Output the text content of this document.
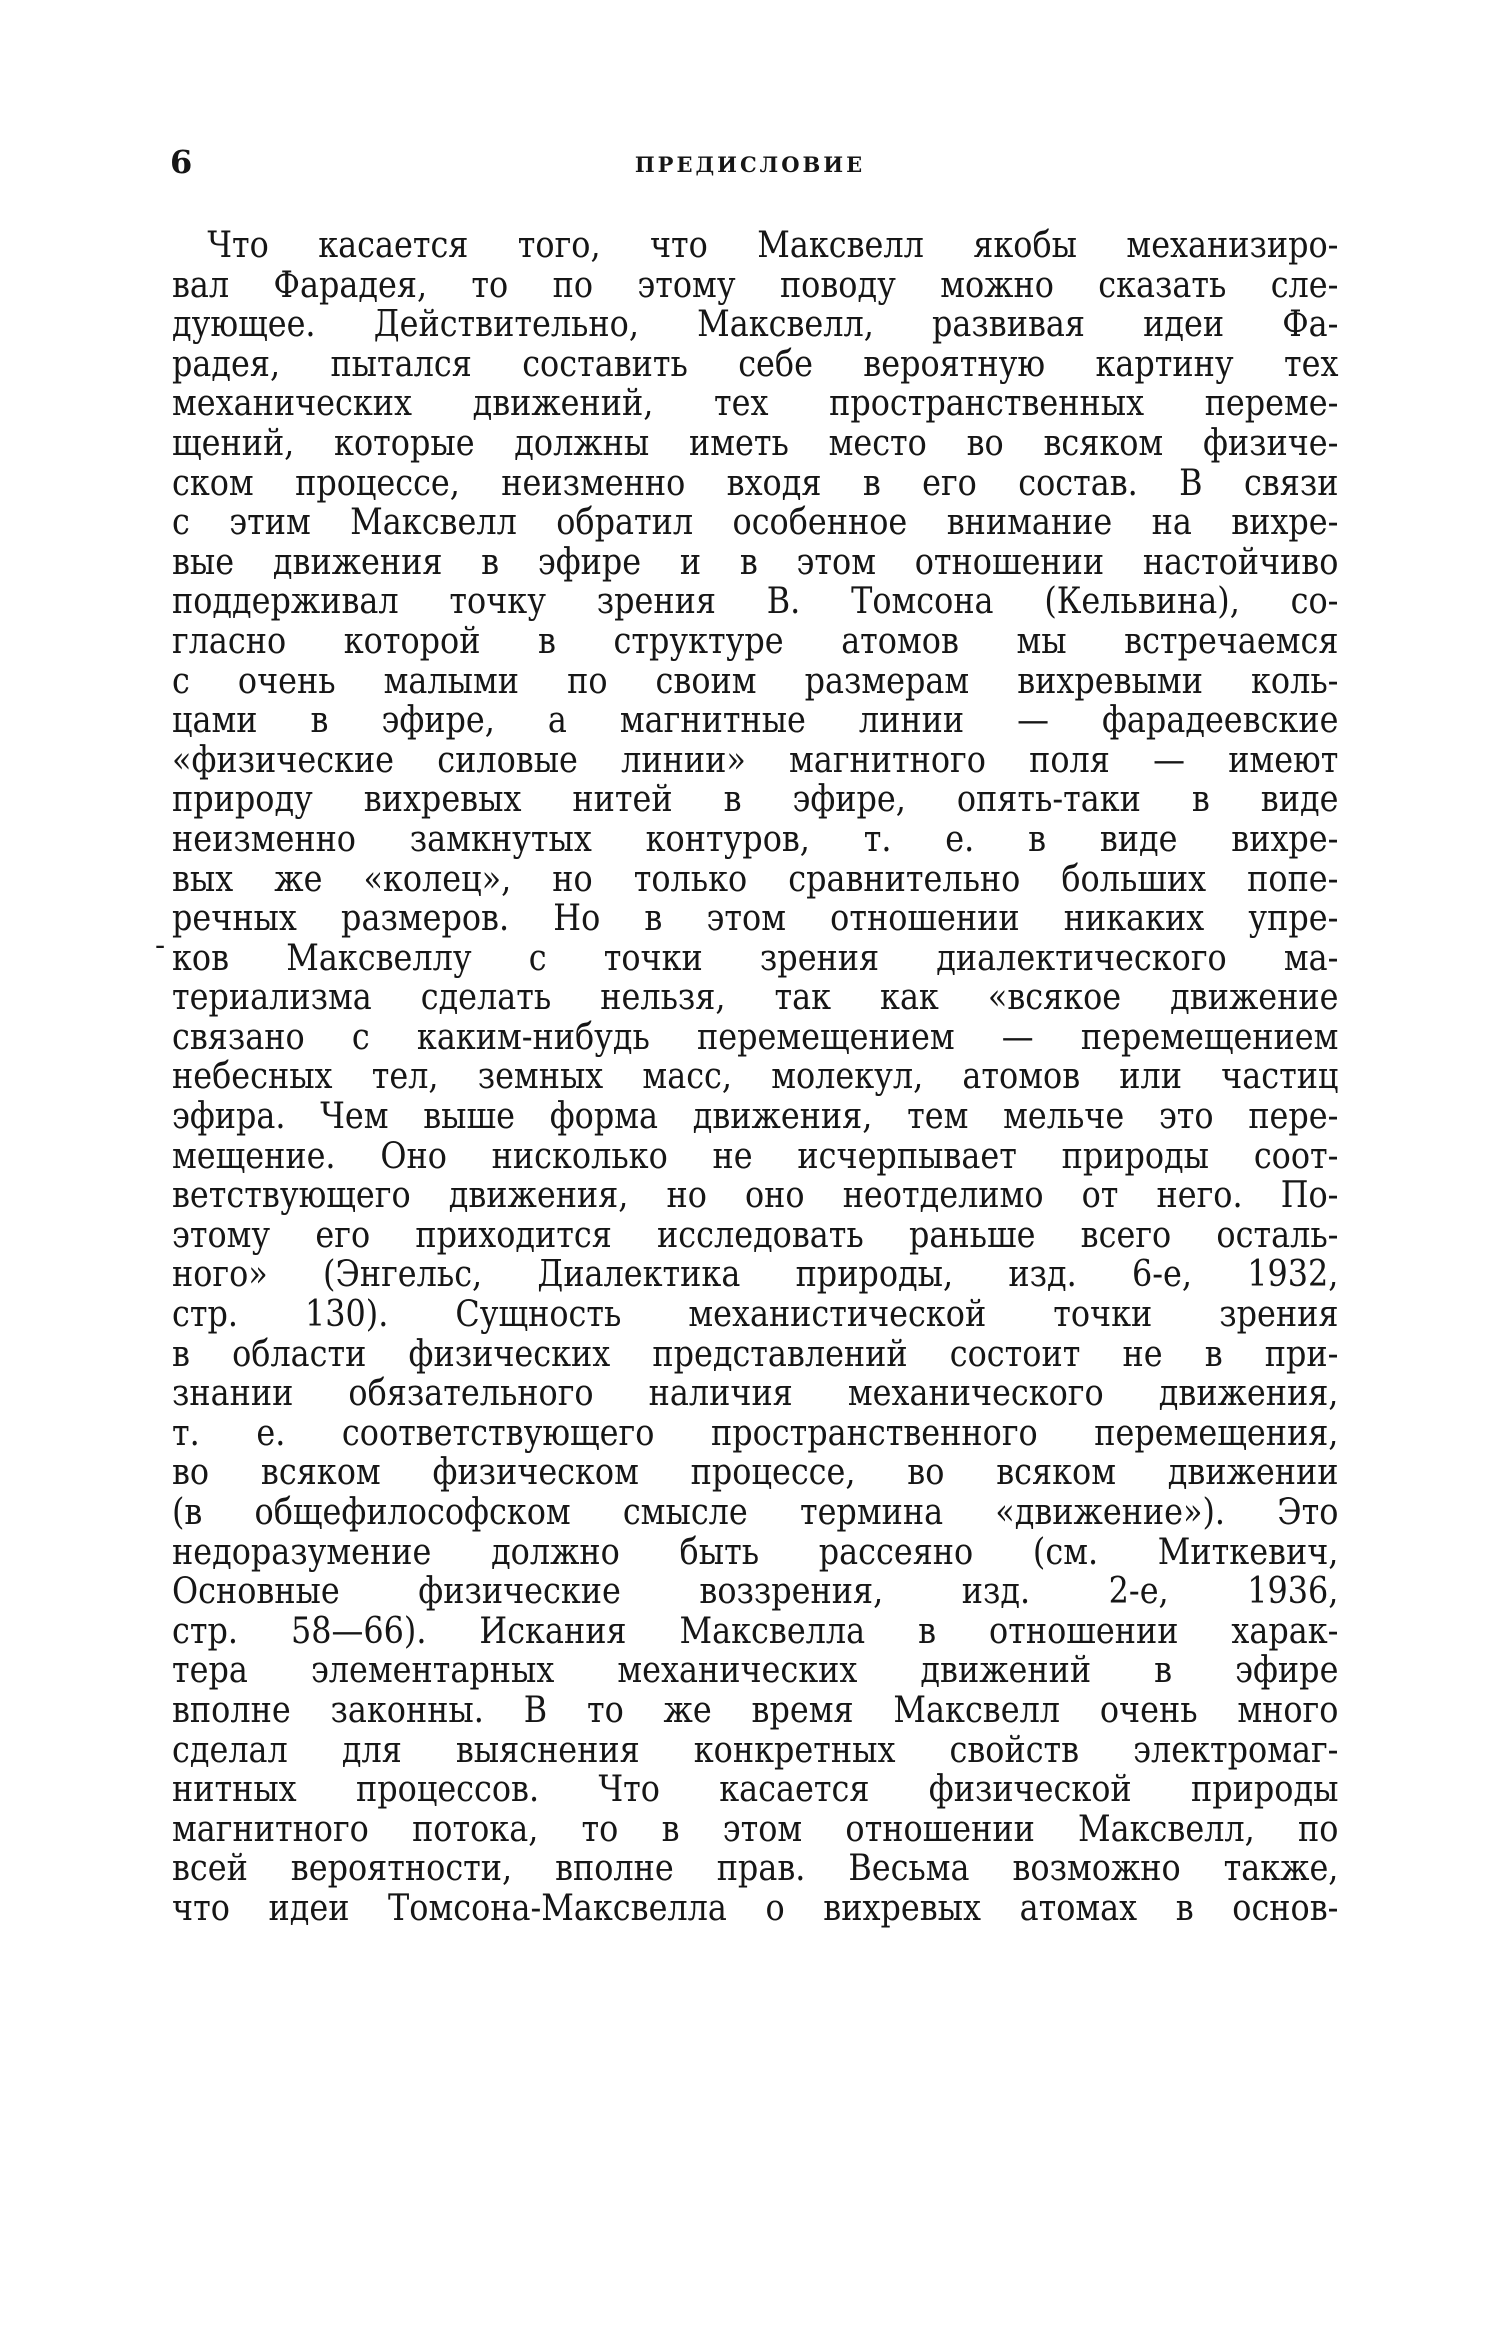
6	ПРЕДИСЛОВИЕ
-
Что касается того, что Максвелл якобы механизиро-
вал Фарадея, то по этому поводу можно сказать сле-
дующее. Действительно, Максвелл, развивая идеи Фа-
радея, пытался составить себе вероятную картину тех
механических движений, тех пространственных переме-
щений, которые должны иметь место во всяком физиче-
ском процессе, неизменно входя в его состав. В связи
с этим Максвелл обратил особенное внимание на вихре-
вые движения в эфире и в этом отношении настойчиво
поддерживал точку зрения В. Томсона (Кельвина), со-
гласно которой в структуре атомов мы встречаемся
с очень малыми по своим размерам вихревыми коль-
цами в эфире, а магнитные линии — фарадеевские
«физические силовые линии» магнитного поля — имеют
природу вихревых нитей в эфире, опять-таки в виде
неизменно замкнутых контуров, т. е. в виде вихре-
вых же «колец», но только сравнительно больших попе-
речных размеров. Но в этом отношении никаких упре-
ков Максвеллу с точки зрения диалектического ма-
териализма сделать нельзя, так как «всякое движение
связано с каким-нибудь перемещением — перемещением
небесных тел, земных масс, молекул, атомов или частиц
эфира. Чем выше форма движения, тем мельче это пере-
мещение. Оно нисколько не исчерпывает природы соот-
ветствующего движения, но оно неотделимо от него. По-
этому его приходится исследовать раньше всего осталь-
ного» (Энгельс, Диалектика природы, изд. 6-е, 1932,
стр. 130). Сущность механистической точки зрения
в области физических представлений состоит не в при-
знании обязательного наличия механического движения,
т. е. соответствующего пространственного перемещения,
во всяком физическом процессе, во всяком движении
(в общефилософском смысле термина «движение»). Это
недоразумение должно быть рассеяно (см. Миткевич,
Основные физические воззрения, изд. 2-е, 1936,
стр. 58—66). Искания Максвелла в отношении харак-
тера элементарных механических движений в эфире
вполне законны. В то же время Максвелл очень много
сделал для выяснения конкретных свойств электромаг-
нитных процессов. Что касается физической природы
магнитного потока, то в этом отношении Максвелл, по
всей вероятности, вполне прав. Весьма возможно также,
что идеи Томсона-Максвелла о вихревых атомах в основ-
